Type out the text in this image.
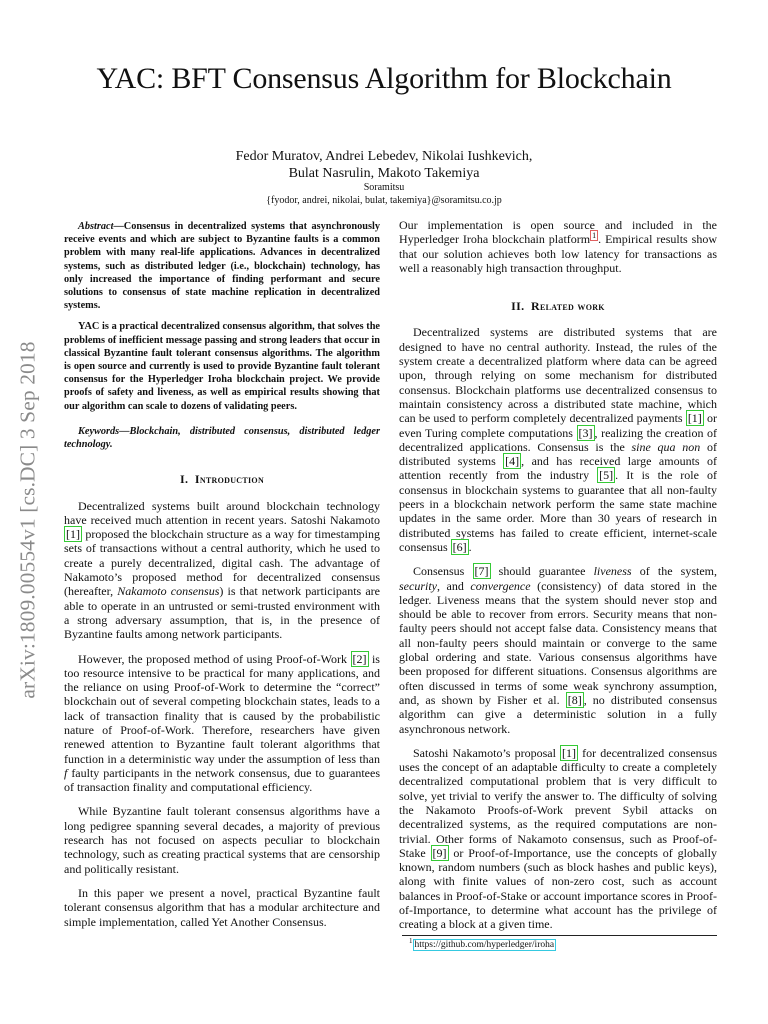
arXiv:1809.00554v1 [cs.DC] 3 Sep 2018
YAC: BFT Consensus Algorithm for Blockchain
Fedor Muratov, Andrei Lebedev, Nikolai Iushkevich,
Bulat Nasrulin, Makoto Takemiya
Soramitsu
{fyodor, andrei, nikolai, bulat, takemiya}@soramitsu.co.jp

Abstract—Consensus in decentralized systems that asynchronously receive events and which are subject to Byzantine faults is a common problem with many real-life applications. Advances in decentralized systems, such as distributed ledger (i.e., blockchain) technology, has only increased the importance of finding performant and secure solutions to consensus of state machine replication in decentralized systems.

YAC is a practical decentralized consensus algorithm, that solves the problems of inefficient message passing and strong leaders that occur in classical Byzantine fault tolerant consensus algorithms. The algorithm is open source and currently is used to provide Byzantine fault tolerant consensus for the Hyperledger Iroha blockchain project. We provide proofs of safety and liveness, as well as empirical results showing that our algorithm can scale to dozens of validating peers.

Keywords—Blockchain, distributed consensus, distributed ledger technology.

I. Introduction

Decentralized systems built around blockchain technology have received much attention in recent years. Satoshi Nakamoto [1] proposed the blockchain structure as a way for timestamping sets of transactions without a central authority, which he used to create a purely decentralized, digital cash. The advantage of Nakamoto’s proposed method for decentralized consensus (hereafter, Nakamoto consensus) is that network participants are able to operate in an untrusted or semi-trusted environment with a strong adversary assumption, that is, in the presence of Byzantine faults among network participants.

However, the proposed method of using Proof-of-Work [2] is too resource intensive to be practical for many applications, and the reliance on using Proof-of-Work to determine the “correct” blockchain out of several competing blockchain states, leads to a lack of transaction finality that is caused by the probabilistic nature of Proof-of-Work. Therefore, researchers have given renewed attention to Byzantine fault tolerant algorithms that function in a deterministic way under the assumption of less than f faulty participants in the network consensus, due to guarantees of transaction finality and computational efficiency.

While Byzantine fault tolerant consensus algorithms have a long pedigree spanning several decades, a majority of previous research has not focused on aspects peculiar to blockchain technology, such as creating practical systems that are censorship and politically resistant.

In this paper we present a novel, practical Byzantine fault tolerant consensus algorithm that has a modular architecture and simple implementation, called Yet Another Consensus.

Our implementation is open source and included in the Hyperledger Iroha blockchain platform $^1$ . Empirical results show that our solution achieves both low latency for transactions as well a reasonably high transaction throughput.

II. Related work

Decentralized systems are distributed systems that are designed to have no central authority. Instead, the rules of the system create a decentralized platform where data can be agreed upon, through relying on some mechanism for distributed consensus. Blockchain platforms use decentralized consensus to maintain consistency across a distributed state machine, which can be used to perform completely decentralized payments [1] or even Turing complete computations [3] , realizing the creation of decentralized applications. Consensus is the sine qua non of distributed systems [4] , and has received large amounts of attention recently from the industry [5] . It is the role of consensus in blockchain systems to guarantee that all non-faulty peers in a blockchain network perform the same state machine updates in the same order. More than 30 years of research in distributed systems has failed to create efficient, internet-scale consensus [6] .

Consensus [7] should guarantee liveness of the system, security, and convergence (consistency) of data stored in the ledger. Liveness means that the system should never stop and should be able to recover from errors. Security means that non-faulty peers should not accept false data. Consistency means that all non-faulty peers should maintain or converge to the same global ordering and state. Various consensus algorithms have been proposed for different situations. Consensus algorithms are often discussed in terms of some weak synchrony assumption, and, as shown by Fisher et al. [8] , no distributed consensus algorithm can give a deterministic solution in a fully asynchronous network.

Satoshi Nakamoto’s proposal [1] for decentralized consensus uses the concept of an adaptable difficulty to create a completely decentralized computational problem that is very difficult to solve, yet trivial to verify the answer to. The difficulty of solving the Nakamoto Proofs-of-Work prevent Sybil attacks on decentralized systems, as the required computations are non-trivial. Other forms of Nakamoto consensus, such as Proof-of-Stake [9] or Proof-of-Importance, use the concepts of globally known, random numbers (such as block hashes and public keys), along with finite values of non-zero cost, such as account balances in Proof-of-Stake or account importance scores in Proof-of-Importance, to determine what account has the privilege of creating a block at a given time.

$^1$ https://github.com/hyperledger/iroha
